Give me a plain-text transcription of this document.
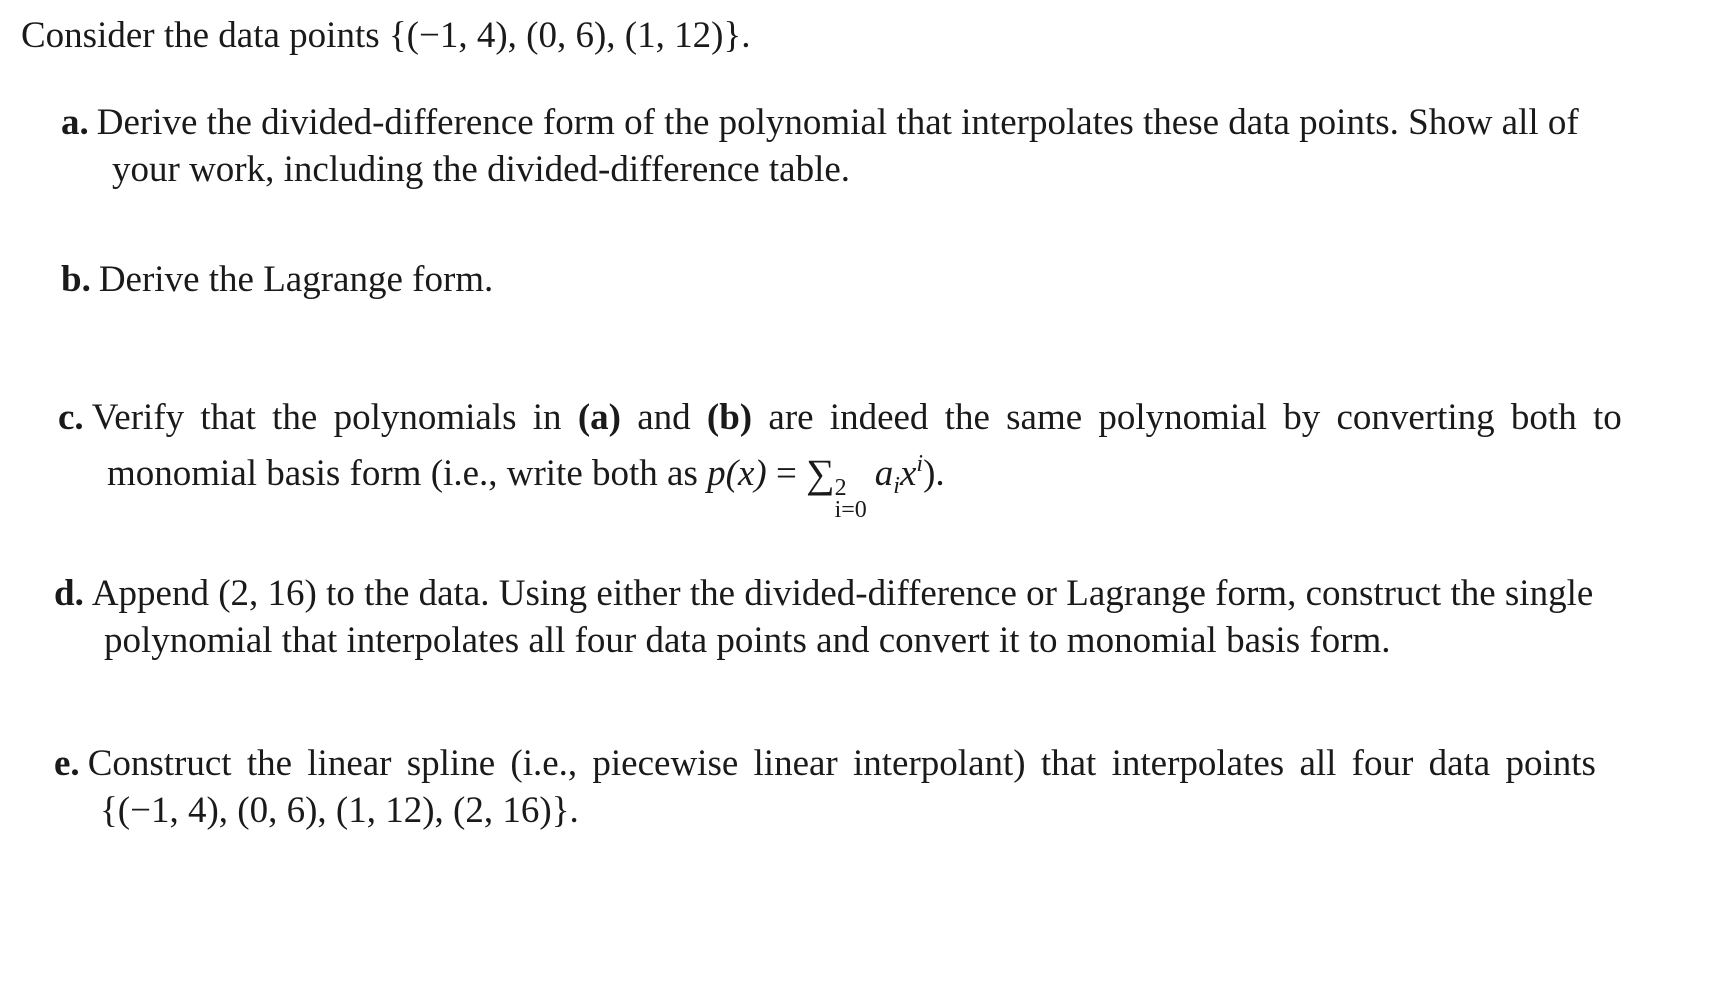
Consider the data points {(−1, 4), (0, 6), (1, 12)}.
a. Derive the divided-difference form of the polynomial that interpolates these data points. Show all of
your work, including the divided-difference table.
b. Derive the Lagrange form.
c. Verify that the polynomials in (a) and (b) are indeed the same polynomial by converting both to
monomial basis form (i.e., write both as p(x) = ∑ 2
i=0
$a_ix^i$).
d. Append (2, 16) to the data. Using either the divided-difference or Lagrange form, construct the single
polynomial that interpolates all four data points and convert it to monomial basis form.
e. Construct the linear spline (i.e., piecewise linear interpolant) that interpolates all four data points
{(−1, 4), (0, 6), (1, 12), (2, 16)}.
